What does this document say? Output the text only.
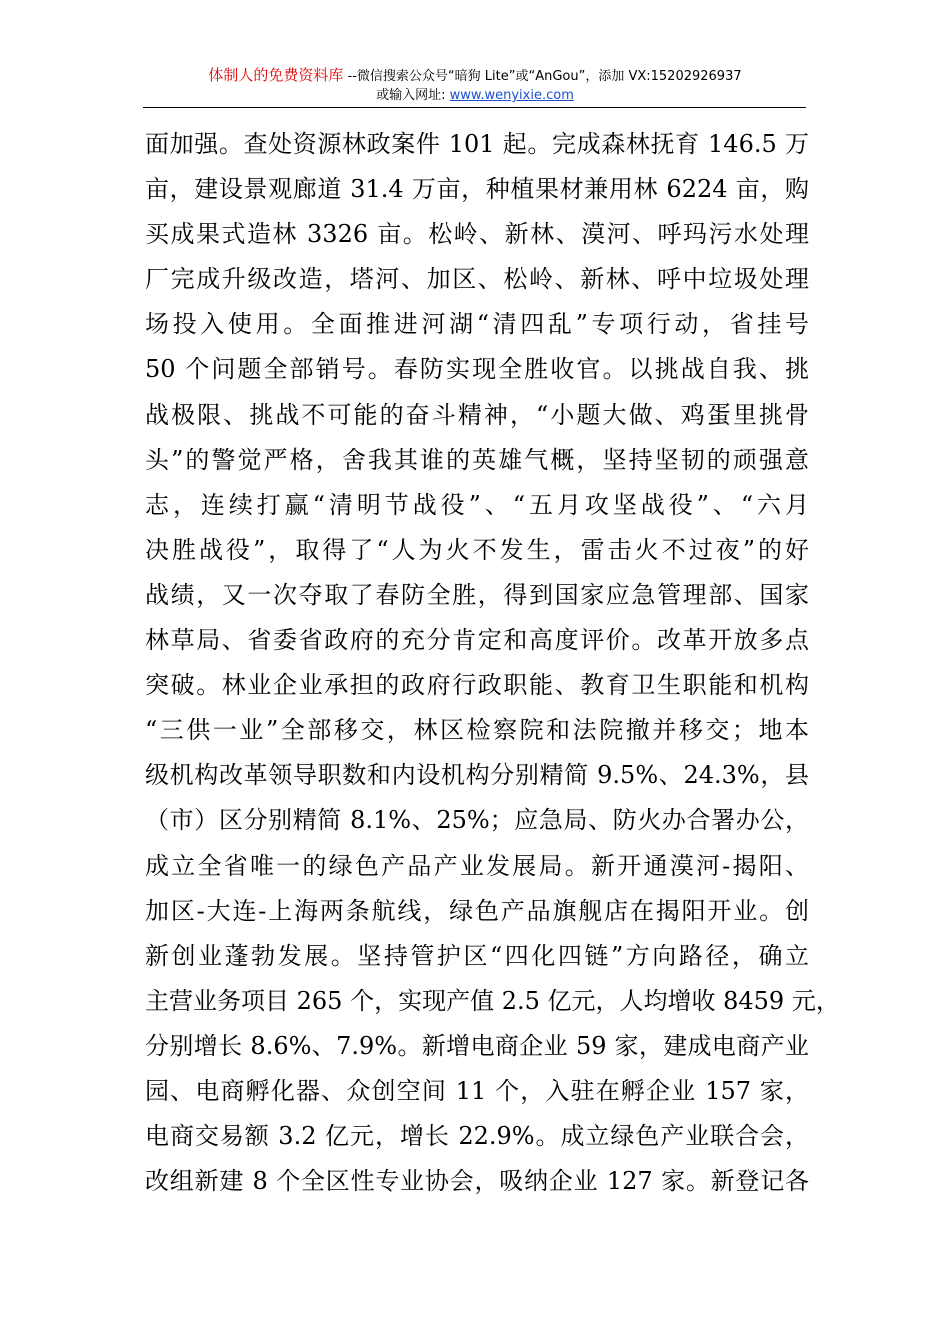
体制人的免费资料库 --微信搜索公众号“暗狗 Lite”或“AnGou”，添加 VX:15202926937
或输入网址: www.wenyixie.com
面加强。查处资源林政案件 101 起。完成森林抚育 146.5 万
亩，建设景观廊道 31.4 万亩，种植果材兼用林 6224 亩，购
买成果式造林 3326 亩。松岭、新林、漠河、呼玛污水处理
厂完成升级改造，塔河、加区、松岭、新林、呼中垃圾处理
场投入使用。全面推进河湖“清四乱”专项行动，省挂号
50 个问题全部销号。春防实现全胜收官。以挑战自我、挑
战极限、挑战不可能的奋斗精神，“小题大做、鸡蛋里挑骨
头”的警觉严格，舍我其谁的英雄气概，坚持坚韧的顽强意
志，连续打赢“清明节战役”、“五月攻坚战役”、“六月
决胜战役”，取得了“人为火不发生，雷击火不过夜”的好
战绩，又一次夺取了春防全胜，得到国家应急管理部、国家
林草局、省委省政府的充分肯定和高度评价。改革开放多点
突破。林业企业承担的政府行政职能、教育卫生职能和机构
“三供一业”全部移交，林区检察院和法院撤并移交；地本
级机构改革领导职数和内设机构分别精简 9.5%、24.3%，县
（市）区分别精简 8.1%、25%；应急局、防火办合署办公，
成立全省唯一的绿色产品产业发展局。新开通漠河-揭阳、
加区-大连-上海两条航线，绿色产品旗舰店在揭阳开业。创
新创业蓬勃发展。坚持管护区“四化四链”方向路径，确立
主营业务项目 265 个，实现产值 2.5 亿元，人均增收 8459 元，
分别增长 8.6%、7.9%。新增电商企业 59 家，建成电商产业
园、电商孵化器、众创空间 11 个，入驻在孵企业 157 家，
电商交易额 3.2 亿元，增长 22.9%。成立绿色产业联合会，
改组新建 8 个全区性专业协会，吸纳企业 127 家。新登记各
